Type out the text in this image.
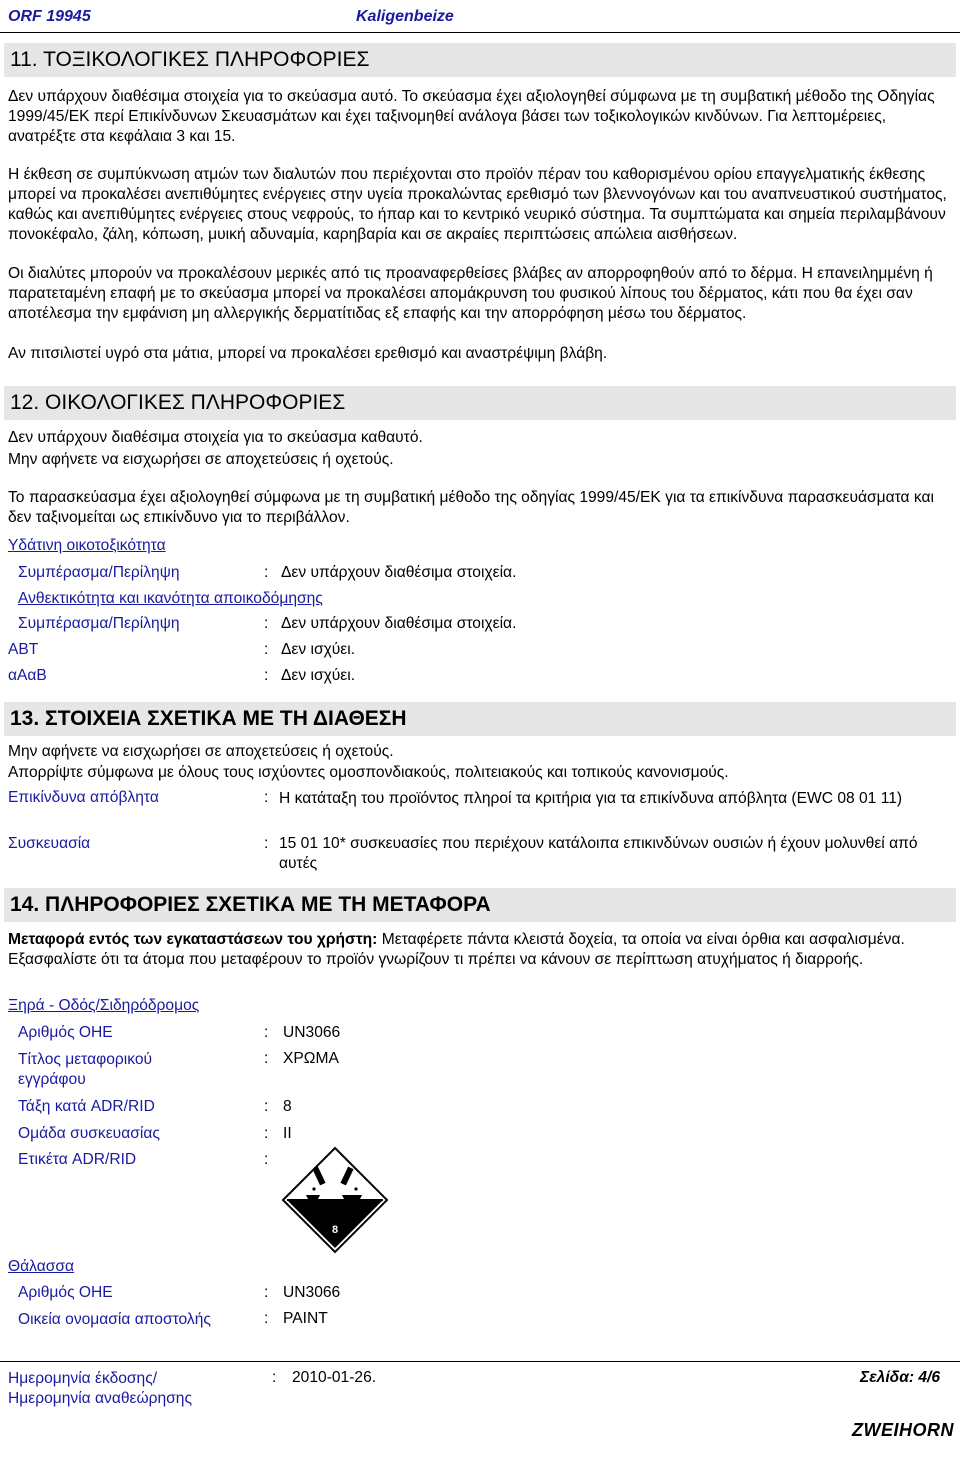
ORF 19945	Kaligenbeize
11. ΤΟΞΙΚΟΛΟΓΙΚΕΣ ΠΛΗΡΟΦΟΡΙΕΣ

Δεν υπάρχουν διαθέσιμα στοιχεία για το σκεύασμα αυτό. Το σκεύασμα έχει αξιολογηθεί σύμφωνα με τη συμβατική μέθοδο της Οδηγίας 1999/45/ΕΚ περί Επικίνδυνων Σκευασμάτων και έχει ταξινομηθεί ανάλογα βάσει των τοξικολογικών κινδύνων. Για λεπτομέρειες, ανατρέξτε στα κεφάλαια 3 και 15.

Η έκθεση σε συμπύκνωση ατμών των διαλυτών που περιέχονται στο προϊόν πέραν του καθορισμένου ορίου επαγγελματικής έκθεσης μπορεί να προκαλέσει ανεπιθύμητες ενέργειες στην υγεία προκαλώντας ερεθισμό των βλεννογόνων και του αναπνευστικού συστήματος, καθώς και ανεπιθύμητες ενέργειες στους νεφρούς, το ήπαρ και το κεντρικό νευρικό σύστημα. Τα συμπτώματα και σημεία περιλαμβάνουν πονοκέφαλο, ζάλη, κόπωση, μυική αδυναμία, καρηβαρία και σε ακραίες περιπτώσεις απώλεια αισθήσεων.

Οι διαλύτες μπορούν να προκαλέσουν μερικές από τις προαναφερθείσες βλάβες αν απορροφηθούν από το δέρμα. Η επανειλημμένη ή παρατεταμένη επαφή με το σκεύασμα μπορεί να προκαλέσει απομάκρυνση του φυσικού λίπους του δέρματος, κάτι που θα έχει σαν αποτέλεσμα την εμφάνιση μη αλλεργικής δερματίτιδας εξ επαφής και την απορρόφηση μέσω του δέρματος.

Αν πιτσιλιστεί υγρό στα μάτια, μπορεί να προκαλέσει ερεθισμό και αναστρέψιμη βλάβη.

12. ΟΙΚΟΛΟΓΙΚΕΣ ΠΛΗΡΟΦΟΡΙΕΣ

Δεν υπάρχουν διαθέσιμα στοιχεία για το σκεύασμα καθαυτό.

Μην αφήνετε να εισχωρήσει σε αποχετεύσεις ή οχετούς.

Το παρασκεύασμα έχει αξιολογηθεί σύμφωνα με τη συμβατική μέθοδο της οδηγίας 1999/45/ΕΚ για τα επικίνδυνα παρασκευάσματα και δεν ταξινομείται ως επικίνδυνο για το περιβάλλον.

Υδάτινη οικοτοξικότητα
Συμπέρασμα/Περίληψη	: Δεν υπάρχουν διαθέσιμα στοιχεία.
Ανθεκτικότητα και ικανότητα αποικοδόμησης
Συμπέρασμα/Περίληψη	: Δεν υπάρχουν διαθέσιμα στοιχεία.
ΑΒΤ	: Δεν ισχύει.
αΑαΒ	: Δεν ισχύει.
13. ΣΤΟΙΧΕΙΑ ΣΧΕΤΙΚΑ ΜΕ ΤΗ ΔΙΑΘΕΣΗ

Μην αφήνετε να εισχωρήσει σε αποχετεύσεις ή οχετούς.

Απορρίψτε σύμφωνα με όλους τους ισχύοντες ομοσπονδιακούς, πολιτειακούς και τοπικούς κανονισμούς.

Επικίνδυνα απόβλητα	: Η κατάταξη του προϊόντος πληροί τα κριτήρια για τα επικίνδυνα απόβλητα (EWC 08 01 11)
Συσκευασία	: 15 01 10* συσκευασίες που περιέχουν κατάλοιπα επικινδύνων ουσιών ή έχουν μολυνθεί από αυτές
14. ΠΛΗΡΟΦΟΡΙΕΣ ΣΧΕΤΙΚΑ ΜΕ ΤΗ ΜΕΤΑΦΟΡΑ

Μεταφορά εντός των εγκαταστάσεων του χρήστη: Μεταφέρετε πάντα κλειστά δοχεία, τα οποία να είναι όρθια και ασφαλισμένα. Εξασφαλίστε ότι τα άτομα που μεταφέρουν το προϊόν γνωρίζουν τι πρέπει να κάνουν σε περίπτωση ατυχήματος ή διαρροής.

Ξηρά - Οδός/Σιδηρόδρομος
Αριθμός ΟΗΕ	: UN3066
Τίτλος μεταφορικού εγγράφου
: ΧΡΩΜΑ
Τάξη κατά ADR/RID	: 8
Ομάδα συσκευασίας	: II
Ετικέτα ADR/RID	:
8
Θάλασσα
Αριθμός ΟΗΕ	: UN3066
Οικεία ονομασία αποστολής	: PAINT
Ημερομηνία έκδοσης/Ημερομηνία αναθεώρησης
: 2010-01-26.	Σελίδα: 4/6
ZWEIHORN
